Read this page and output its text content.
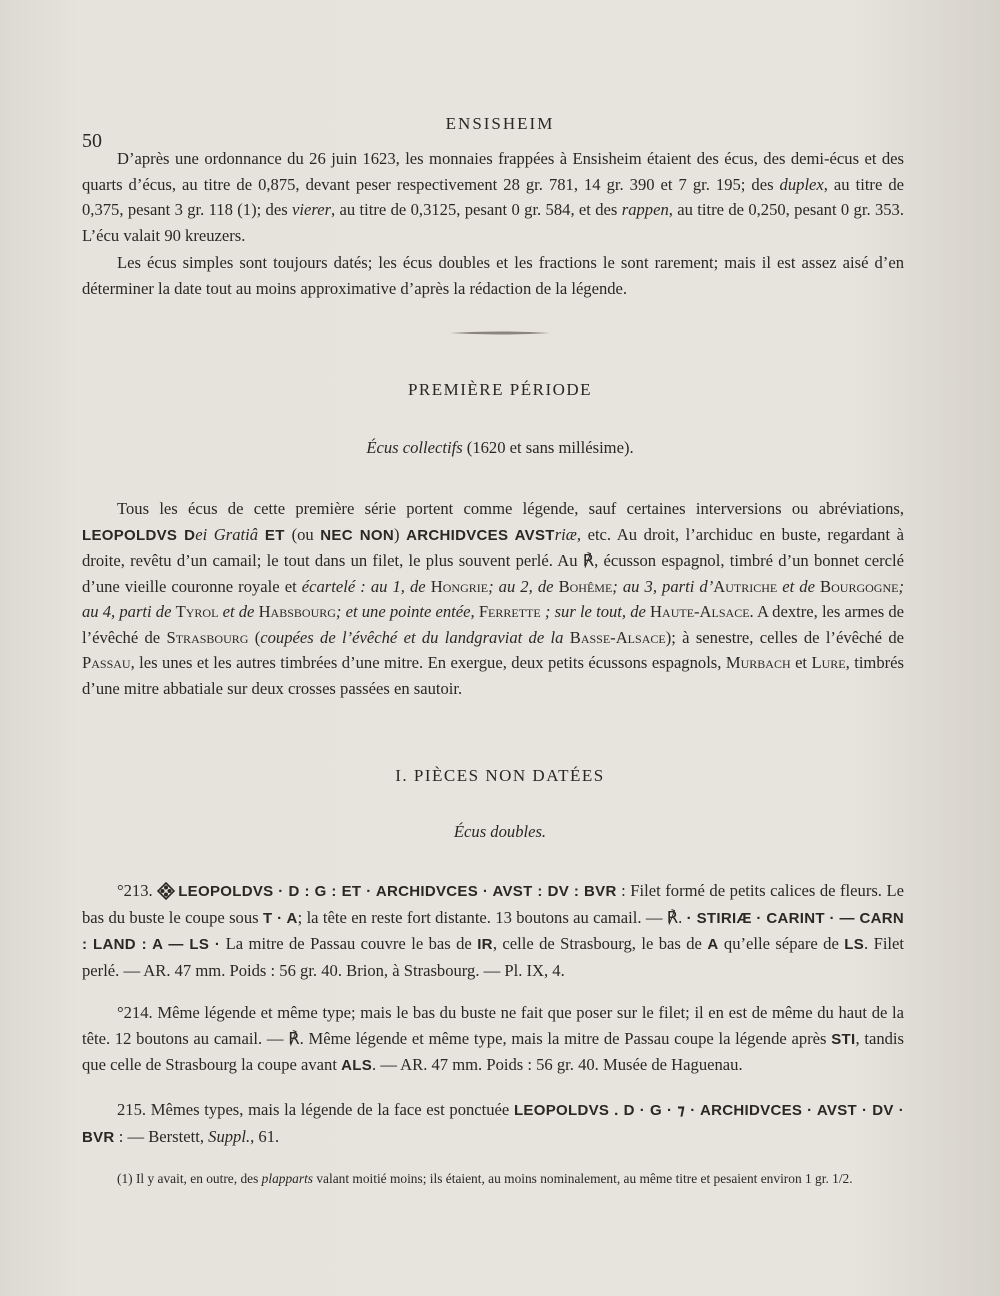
50
ENSISHEIM

D’après une ordonnance du 26 juin 1623, les monnaies frappées à Ensisheim étaient des écus, des demi-écus et des quarts d’écus, au titre de 0,875, devant peser respectivement 28 gr. 781, 14 gr. 390 et 7 gr. 195; des duplex, au titre de 0,375, pesant 3 gr. 118 (1); des vierer, au titre de 0,3125, pesant 0 gr. 584, et des rappen, au titre de 0,250, pesant 0 gr. 353. L’écu valait 90 kreuzers.

Les écus simples sont toujours datés; les écus doubles et les fractions le sont rarement; mais il est assez aisé d’en déterminer la date tout au moins approximative d’après la rédaction de la légende.

PREMIÈRE PÉRIODE
Écus collectifs (1620 et sans millésime).

Tous les écus de cette première série portent comme légende, sauf certaines interversions ou abréviations, LEOPOLDVS Dei Gratiâ ET (ou NEC NON) ARCHIDVCES AVSTriæ, etc. Au droit, l’archiduc en buste, regardant à droite, revêtu d’un camail; le tout dans un filet, le plus souvent perlé. Au ℟, écusson espagnol, timbré d’un bonnet cerclé d’une vieille couronne royale et écartelé : au 1, de Hongrie; au 2, de Bohême; au 3, parti d’Autriche et de Bourgogne; au 4, parti de Tyrol et de Habsbourg; et une pointe entée, Ferrette ; sur le tout, de Haute-Alsace. A dextre, les armes de l’évêché de Strasbourg (coupées de l’évêché et du landgraviat de la Basse-Alsace); à senestre, celles de l’évêché de Passau, les unes et les autres timbrées d’une mitre. En exergue, deux petits écussons espagnols, Murbach et Lure, timbrés d’une mitre abbatiale sur deux crosses passées en sautoir.

I. PIÈCES NON DATÉES
Écus doubles.

°213. LEOPOLDVS · D : G : ET · ARCHIDVCES · AVST : DV : BVR : Filet formé de petits calices de fleurs. Le bas du buste le coupe sous T · A; la tête en reste fort distante. 13 boutons au camail. — ℟. · STIRIÆ · CARINT · — CARN : LAND : A — LS · La mitre de Passau couvre le bas de IR, celle de Strasbourg, le bas de A qu’elle sépare de LS. Filet perlé. — AR. 47 mm. Poids : 56 gr. 40. Brion, à Strasbourg. — Pl. IX, 4.

°214. Même légende et même type; mais le bas du buste ne fait que poser sur le filet; il en est de même du haut de la tête. 12 boutons au camail. — ℟. Même légende et même type, mais la mitre de Passau coupe la légende après STI, tandis que celle de Strasbourg la coupe avant ALS. — AR. 47 mm. Poids : 56 gr. 40. Musée de Haguenau.

215. Mêmes types, mais la légende de la face est ponctuée LEOPOLDVS . D · G · ⁊ · ARCHIDVCES · AVST · DV · BVR : — Berstett, Suppl., 61.

(1) Il y avait, en outre, des plapparts valant moitié moins; ils étaient, au moins nominalement, au même titre et pesaient environ 1 gr. 1/2.
